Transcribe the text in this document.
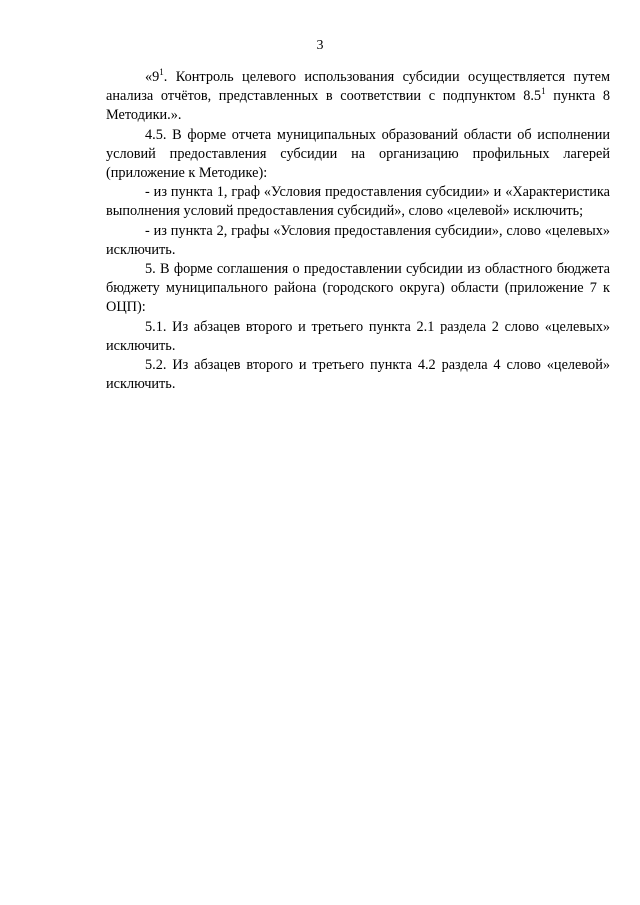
3

«$9^1$. Контроль целевого использования субсидии осуществляется путем анализа отчётов, представленных в соответствии с подпунктом $8.5^1$ пункта 8 Методики.».

4.5. В форме отчета муниципальных образований области об исполнении условий предоставления субсидии на организацию профильных лагерей (приложение к Методике):

- из пункта 1, граф «Условия предоставления субсидии» и «Характеристика выполнения условий предоставления субсидий», слово «целевой» исключить;

- из пункта 2, графы «Условия предоставления субсидии», слово «целевых» исключить.

5. В форме соглашения о предоставлении субсидии из областного бюджета бюджету муниципального района (городского округа) области (приложение 7 к ОЦП):

5.1. Из абзацев второго и третьего пункта 2.1 раздела 2 слово «целевых» исключить.

5.2. Из абзацев второго и третьего пункта 4.2 раздела 4 слово «целевой» исключить.
